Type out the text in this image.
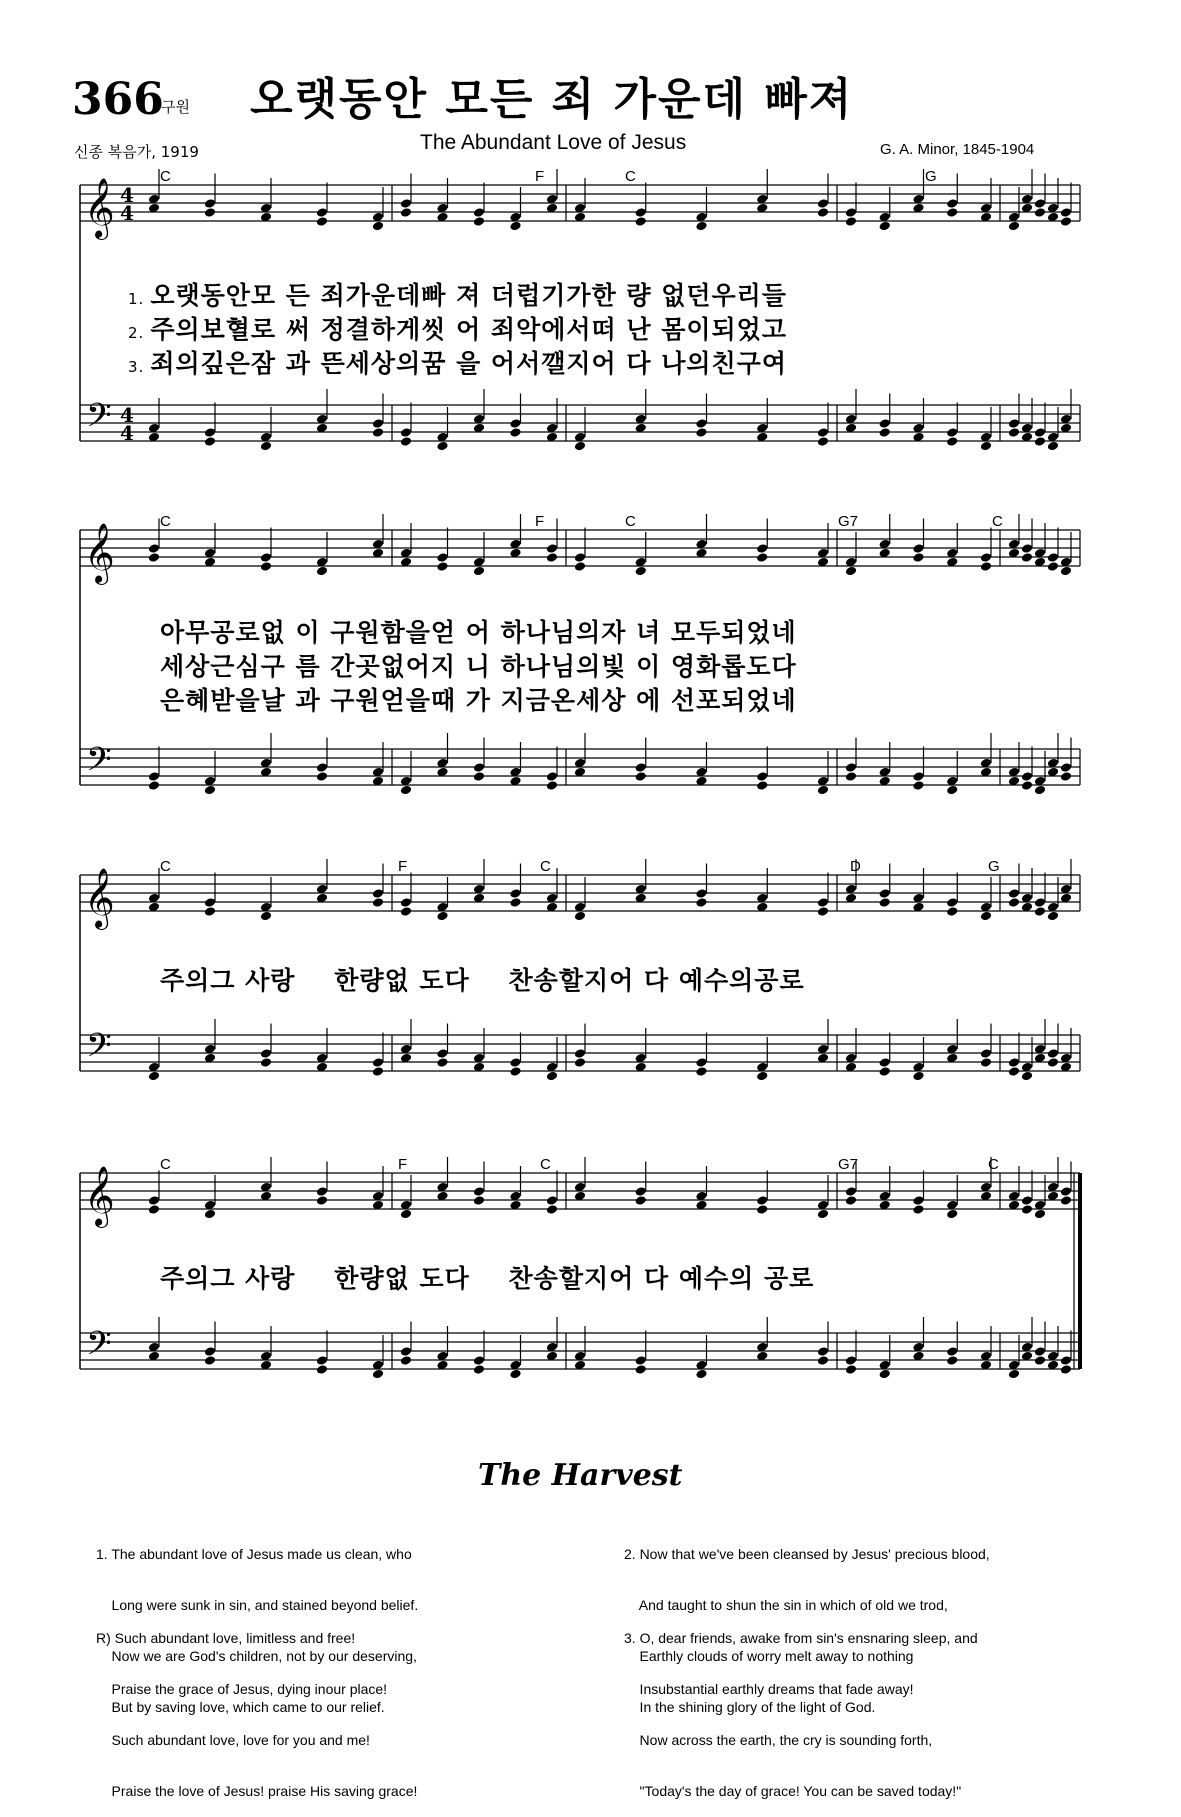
366
구원 오랫동안 모든 죄 가운데 빠져
The Abundant Love of Jesus
신종 복음가, 1919	G. A. Minor, 1845-1904
𝄞
𝄢
4
4
4
4
C	F	C	G
𝄞
𝄢
C	F	C	G7	C
𝄞
𝄢
C	F	C	D	G
𝄞
𝄢
C	F	C	G7	C
1. 오랫동안모 든 죄가운데빠 져 더럽기가한 량 없던우리들
2. 주의보혈로 써 정결하게씻 어 죄악에서떠 난 몸이되었고
3. 죄의깊은잠 과 뜬세상의꿈 을 어서깰지어 다 나의친구여
아무공로없 이 구원함을얻 어 하나님의자 녀 모두되었네
세상근심구 름 간곳없어지 니 하나님의빛 이 영화롭도다
은혜받을날 과 구원얻을때 가 지금온세상 에 선포되었네
주의그 사랑    한량없 도다    찬송할지어 다 예수의공로
주의그 사랑    한량없 도다    찬송할지어 다 예수의 공로
The Harvest

1. The abundant love of Jesus made us clean, who

Long were sunk in sin, and stained beyond belief.

Now we are God's children, not by our deserving,

But by saving love, which came to our relief.

R) Such abundant love, limitless and free!

Praise the grace of Jesus, dying inour place!

Such abundant love, love for you and me!

Praise the love of Jesus! praise His saving grace!

2. Now that we've been cleansed by Jesus' precious blood,

And taught to shun the sin in which of old we trod,

Earthly clouds of worry melt away to nothing

In the shining glory of the light of God.

3. O, dear friends, awake from sin's ensnaring sleep, and

Insubstantial earthly dreams that fade away!

Now across the earth, the cry is sounding forth,

"Today's the day of grace! You can be saved today!"
